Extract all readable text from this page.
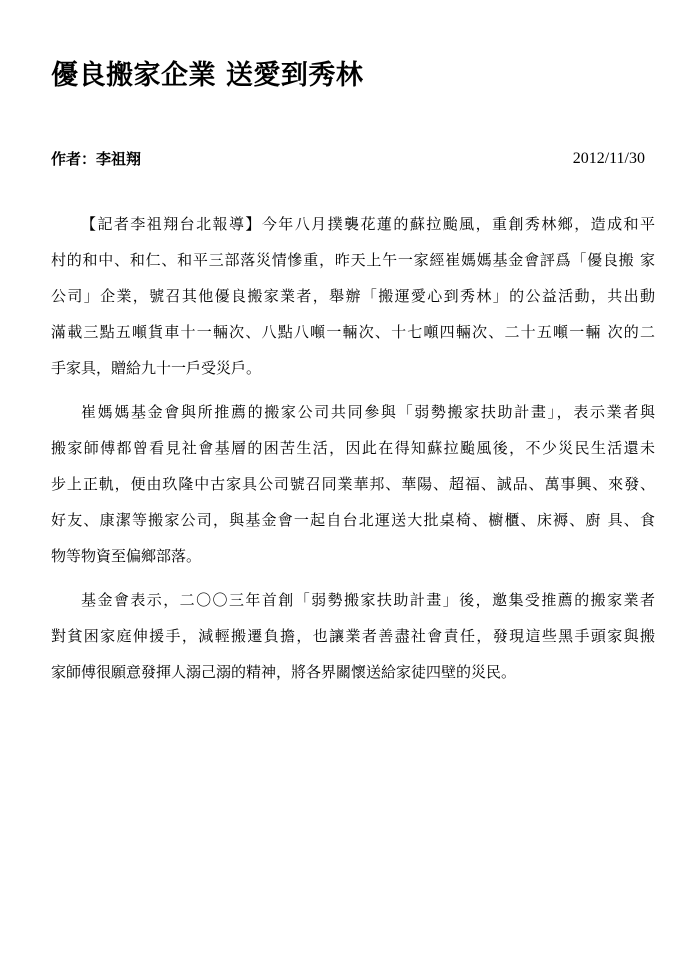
優良搬家企業 送愛到秀林
作者：李祖翔	2012/11/30
【記者李祖翔台北報導】今年八月撲襲花蓮的蘇拉颱風，重創秀林鄉，造成和平
村的和中、和仁、和平三部落災情慘重，昨天上午一家經崔媽媽基金會評爲「優良搬 家
公司」企業，號召其他優良搬家業者，舉辦「搬運愛心到秀林」的公益活動，共出動
滿載三點五噸貨車十一輛次、八點八噸一輛次、十七噸四輛次、二十五噸一輛 次的二
手家具，贈給九十一戶受災戶。
崔媽媽基金會與所推薦的搬家公司共同參與「弱勢搬家扶助計畫」，表示業者與
搬家師傅都曾看見社會基層的困苦生活，因此在得知蘇拉颱風後，不少災民生活還未
步上正軌，便由玖隆中古家具公司號召同業華邦、華陽、超福、誠品、萬事興、來發、
好友、康潔等搬家公司，與基金會一起自台北運送大批桌椅、櫥櫃、床褥、廚 具、食
物等物資至偏鄉部落。
基金會表示，二〇〇三年首創「弱勢搬家扶助計畫」後，邀集受推薦的搬家業者
對貧困家庭伸援手，減輕搬遷負擔，也讓業者善盡社會責任，發現這些黑手頭家與搬
家師傅很願意發揮人溺己溺的精神，將各界關懷送給家徒四壁的災民。
